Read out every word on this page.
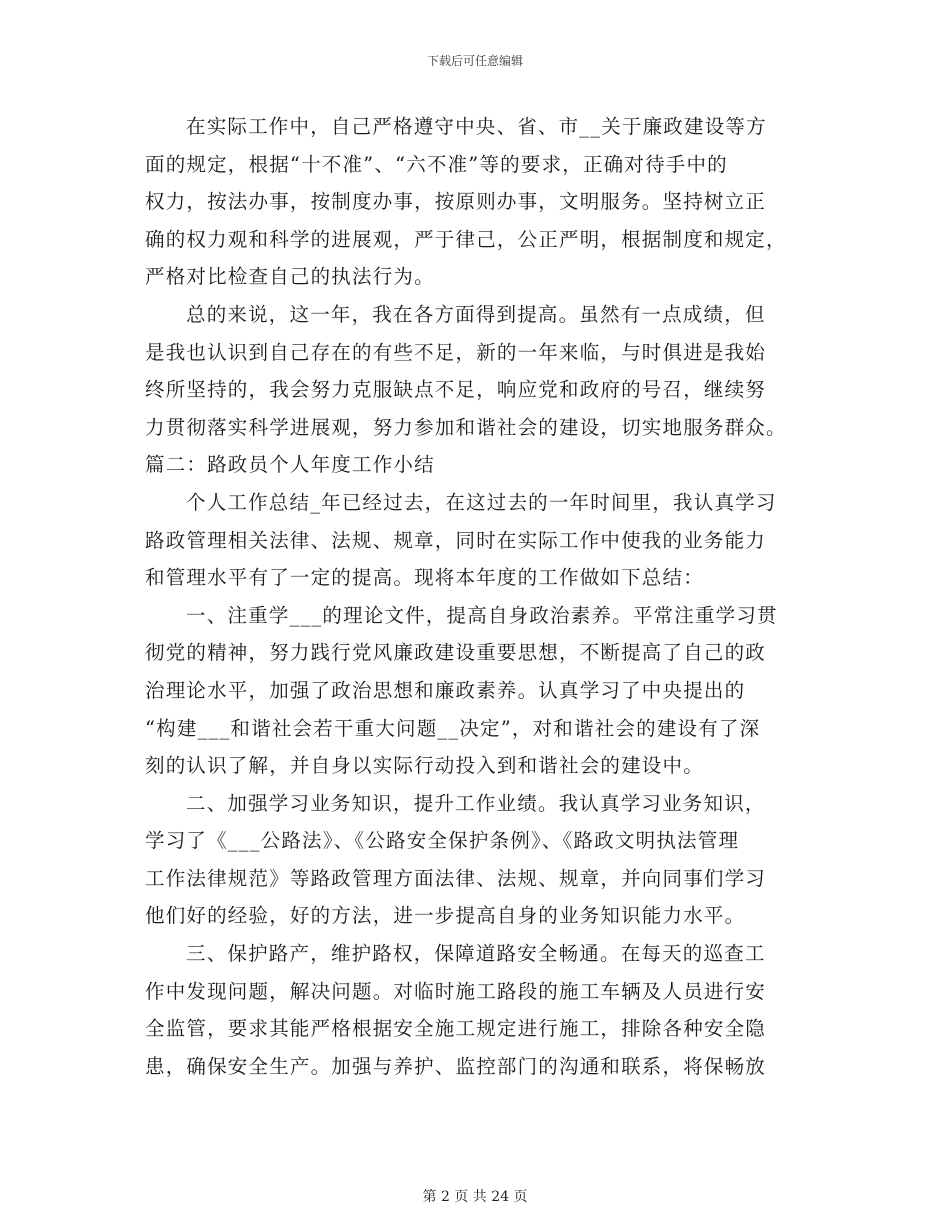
下载后可任意编辑
在实际工作中，自己严格遵守中央、省、市__关于廉政建设等方
面的规定，根据“十不准”、“六不准”等的要求，正确对待手中的
权力，按法办事，按制度办事，按原则办事，文明服务。坚持树立正
确的权力观和科学的进展观，严于律己，公正严明，根据制度和规定，
严格对比检查自己的执法行为。
总的来说，这一年，我在各方面得到提高。虽然有一点成绩，但
是我也认识到自己存在的有些不足，新的一年来临，与时俱进是我始
终所坚持的，我会努力克服缺点不足，响应党和政府的号召，继续努
力贯彻落实科学进展观，努力参加和谐社会的建设，切实地服务群众。
篇二：路政员个人年度工作小结
个人工作总结_年已经过去，在这过去的一年时间里，我认真学习
路政管理相关法律、法规、规章，同时在实际工作中使我的业务能力
和管理水平有了一定的提高。现将本年度的工作做如下总结：
一、注重学___的理论文件，提高自身政治素养。平常注重学习贯
彻党的精神，努力践行党风廉政建设重要思想，不断提高了自己的政
治理论水平，加强了政治思想和廉政素养。认真学习了中央提出的
“构建___和谐社会若干重大问题__决定”，对和谐社会的建设有了深
刻的认识了解，并自身以实际行动投入到和谐社会的建设中。
二、加强学习业务知识，提升工作业绩。我认真学习业务知识，
学习了《___公路法》、《公路安全保护条例》、《路政文明执法管理
工作法律规范》等路政管理方面法律、法规、规章，并向同事们学习
他们好的经验，好的方法，进一步提高自身的业务知识能力水平。
三、保护路产，维护路权，保障道路安全畅通。在每天的巡查工
作中发现问题，解决问题。对临时施工路段的施工车辆及人员进行安
全监管，要求其能严格根据安全施工规定进行施工，排除各种安全隐
患，确保安全生产。加强与养护、监控部门的沟通和联系，将保畅放
第 2 页 共 24 页
